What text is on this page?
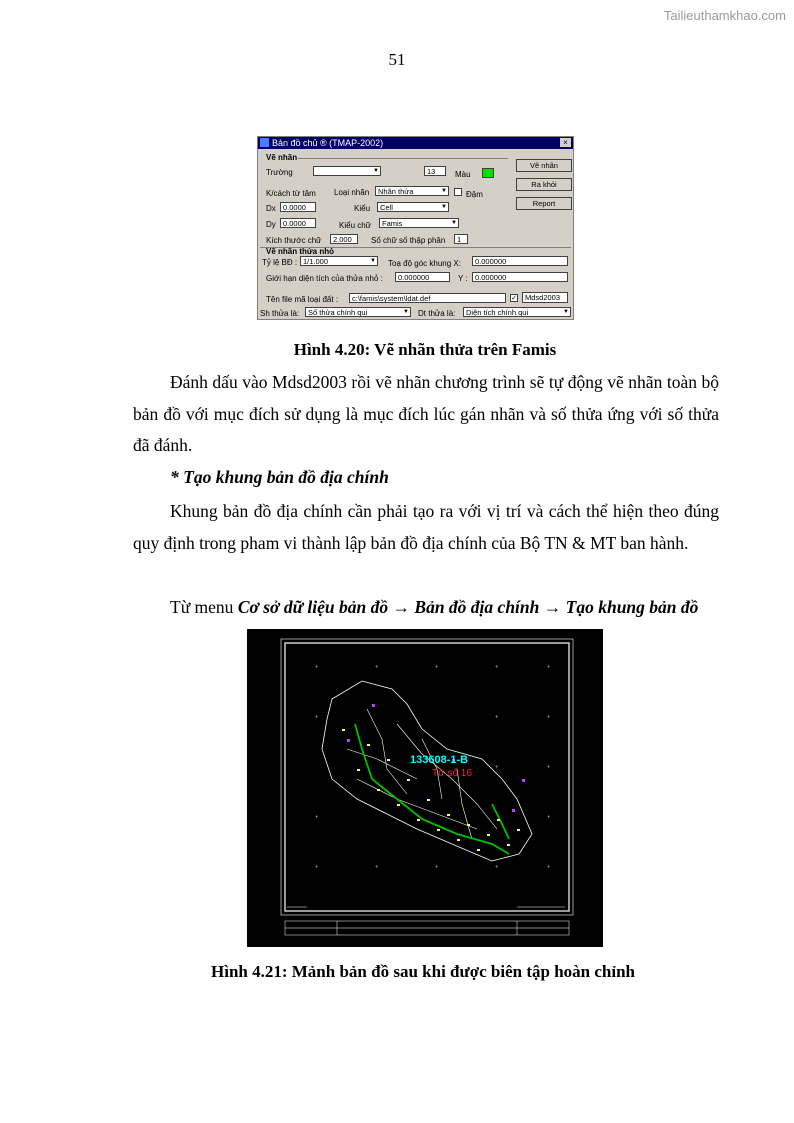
Tailieuthamkhao.com
51
Bản đồ chủ ® (TMAP-2002)	×
Vẽ nhãn
Trường	▼	13	Màu
K/cách từ tâm Loại nhãn	Nhãn thửa	▼ Đậm
Dx 0.0000	Kiểu	Cell	▼
Dy 0.0000	Kiểu chữ	Famis	▼
Kích thước chữ	2.000	Số chữ số thập phân	1
Vẽ nhãn
Ra khỏi
Report
Vẽ nhãn thửa nhỏ
Tỷ lệ BĐ : 1/1.000	▼ Toạ độ góc khung X:	0.000000
Giới hạn diện tích của thửa nhỏ :	0.000000	Y : 0.000000
Tên file mã loại đất :	c:\famis\system\ldat.def	✓	Mdsd2003
Sh thửa là:	Số thửa chính qui	▼ Dt thửa là:	Diện tích chính qui	▼
Hình 4.20: Vẽ nhãn thửa trên Famis
Đánh dấu vào Mdsd2003 rồi vẽ nhãn chương trình sẽ tự động vẽ nhãn toàn bộ bản đồ với mục đích sử dụng là mục đích lúc gán nhãn và số thửa ứng với số thửa đã đánh.
* Tạo khung bản đồ địa chính
Khung bản đồ địa chính cần phải tạo ra với vị trí và cách thể hiện theo đúng quy định trong pham vi thành lập bản đồ địa chính của Bộ TN & MT ban hành.
Từ menu Cơ sở dữ liệu bản đồ → Bản đồ địa chính → Tạo khung bản đồ
+	+	+	+	+
+	+	+
+
+
+	+
+	+	+	+	+
133608-1-B
Tờ số 16
Hình 4.21: Mảnh bản đồ sau khi được biên tập hoàn chỉnh
